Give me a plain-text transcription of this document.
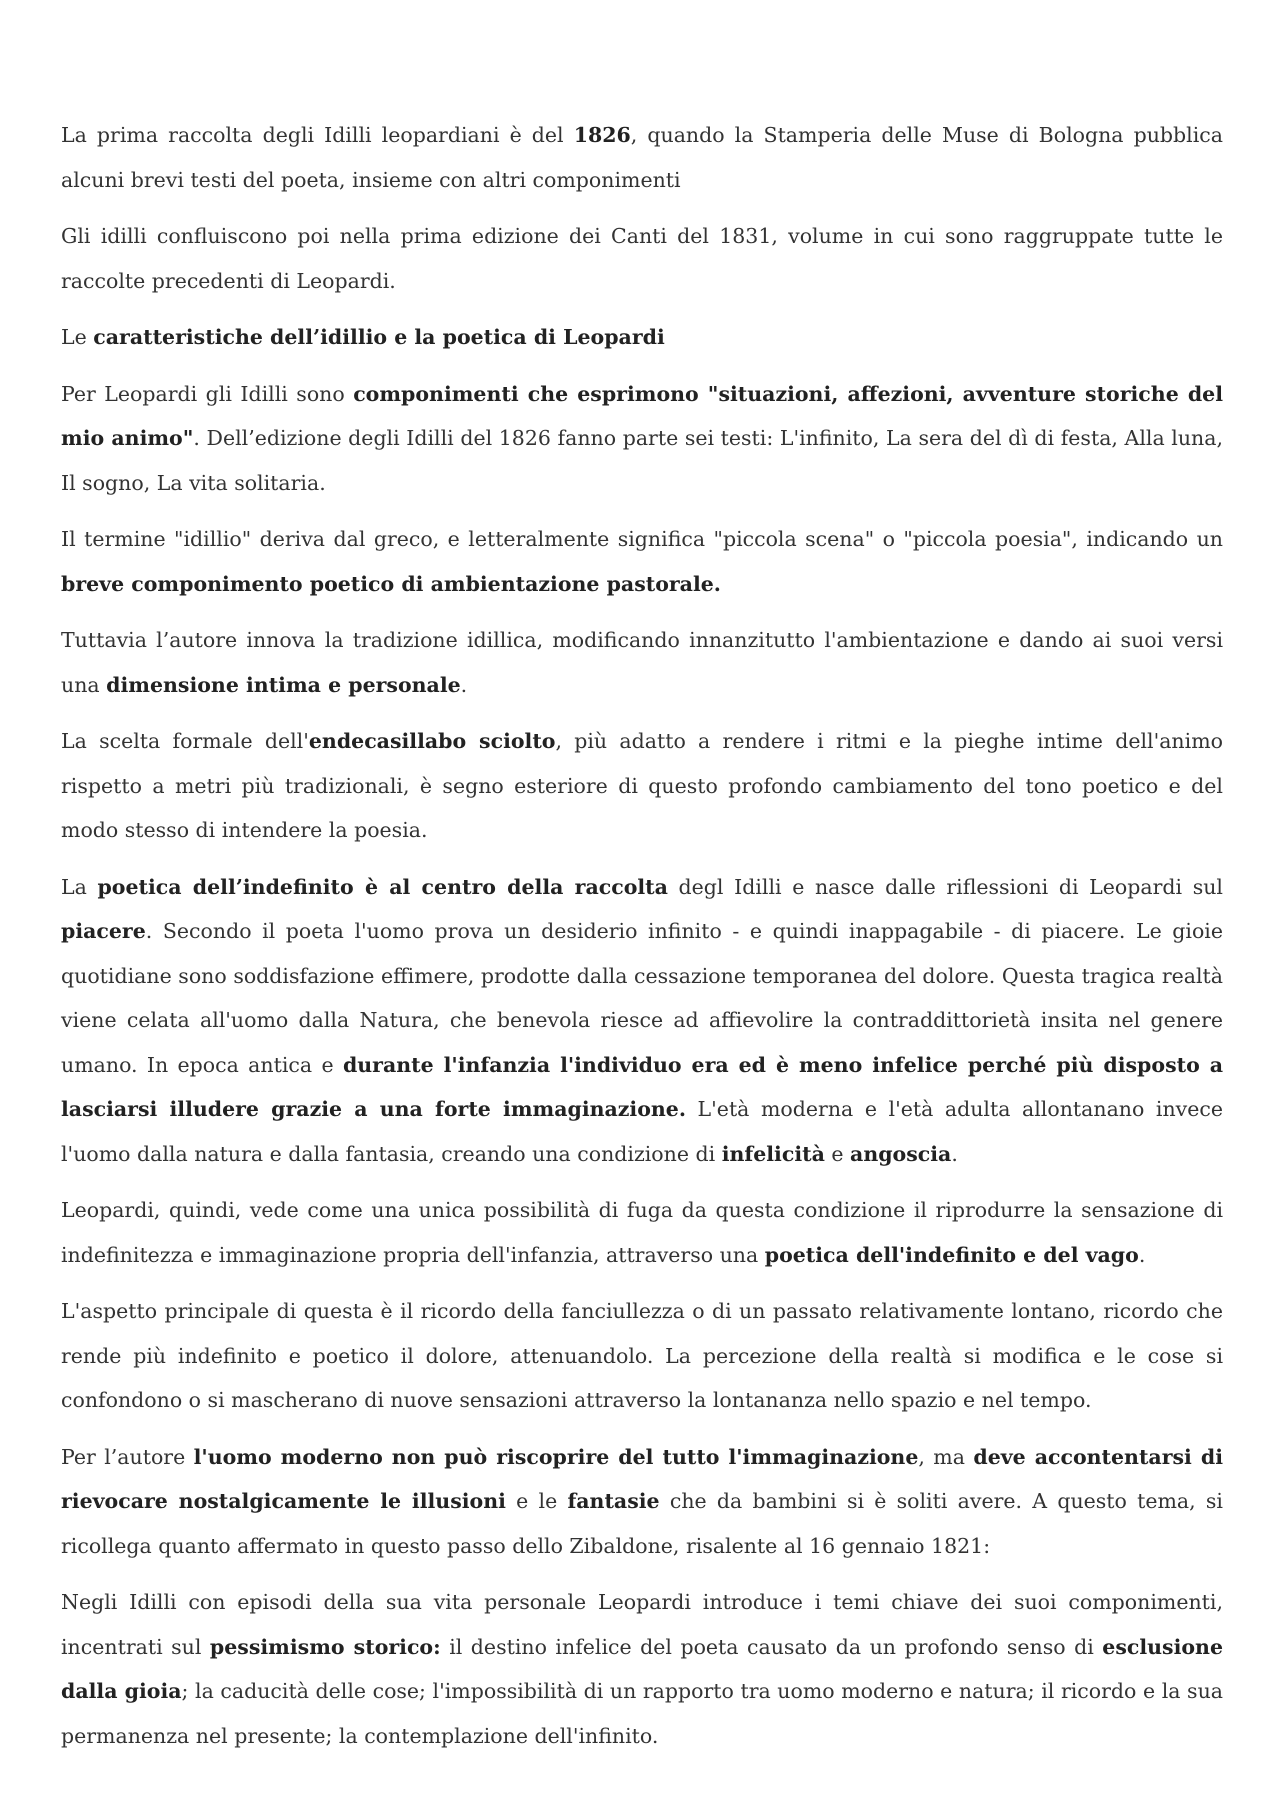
La prima raccolta degli Idilli leopardiani è del 1826, quando la Stamperia delle Muse di Bologna pubblica alcuni brevi testi del poeta, insieme con altri componimenti

Gli idilli confluiscono poi nella prima edizione dei Canti del 1831, volume in cui sono raggruppate tutte le raccolte precedenti di Leopardi.

Le caratteristiche dell’idillio e la poetica di Leopardi

Per Leopardi gli Idilli sono componimenti che esprimono "situazioni, affezioni, avventure storiche del mio animo". Dell’edizione degli Idilli del 1826 fanno parte sei testi: L'infinito, La sera del dì di festa, Alla luna, Il sogno, La vita solitaria.

Il termine "idillio" deriva dal greco, e letteralmente significa "piccola scena" o "piccola poesia", indicando un breve componimento poetico di ambientazione pastorale.

Tuttavia l’autore innova la tradizione idillica, modificando innanzitutto l'ambientazione e dando ai suoi versi una dimensione intima e personale.

La scelta formale dell'endecasillabo sciolto, più adatto a rendere i ritmi e la pieghe intime dell'animo rispetto a metri più tradizionali, è segno esteriore di questo profondo cambiamento del tono poetico e del modo stesso di intendere la poesia.

La poetica dell’indefinito è al centro della raccolta degl Idilli e nasce dalle riflessioni di Leopardi sul piacere. Secondo il poeta l'uomo prova un desiderio infinito - e quindi inappagabile - di piacere. Le gioie quotidiane sono soddisfazione effimere, prodotte dalla cessazione temporanea del dolore. Questa tragica realtà viene celata all'uomo dalla Natura, che benevola riesce ad affievolire la contraddittorietà insita nel genere umano. In epoca antica e durante l'infanzia l'individuo era ed è meno infelice perché più disposto a lasciarsi illudere grazie a una forte immaginazione. L'età moderna e l'età adulta allontanano invece l'uomo dalla natura e dalla fantasia, creando una condizione di infelicità e angoscia.

Leopardi, quindi, vede come una unica possibilità di fuga da questa condizione il riprodurre la sensazione di indefinitezza e immaginazione propria dell'infanzia, attraverso una poetica dell'indefinito e del vago.

L'aspetto principale di questa è il ricordo della fanciullezza o di un passato relativamente lontano, ricordo che rende più indefinito e poetico il dolore, attenuandolo. La percezione della realtà si modifica e le cose si confondono o si mascherano di nuove sensazioni attraverso la lontananza nello spazio e nel tempo.

Per l’autore l'uomo moderno non può riscoprire del tutto l'immaginazione, ma deve accontentarsi di rievocare nostalgicamente le illusioni e le fantasie che da bambini si è soliti avere. A questo tema, si ricollega quanto affermato in questo passo dello Zibaldone, risalente al 16 gennaio 1821:

Negli Idilli con episodi della sua vita personale Leopardi introduce i temi chiave dei suoi componimenti, incentrati sul pessimismo storico: il destino infelice del poeta causato da un profondo senso di esclusione dalla gioia; la caducità delle cose; l'impossibilità di un rapporto tra uomo moderno e natura; il ricordo e la sua permanenza nel presente; la contemplazione dell'infinito.
